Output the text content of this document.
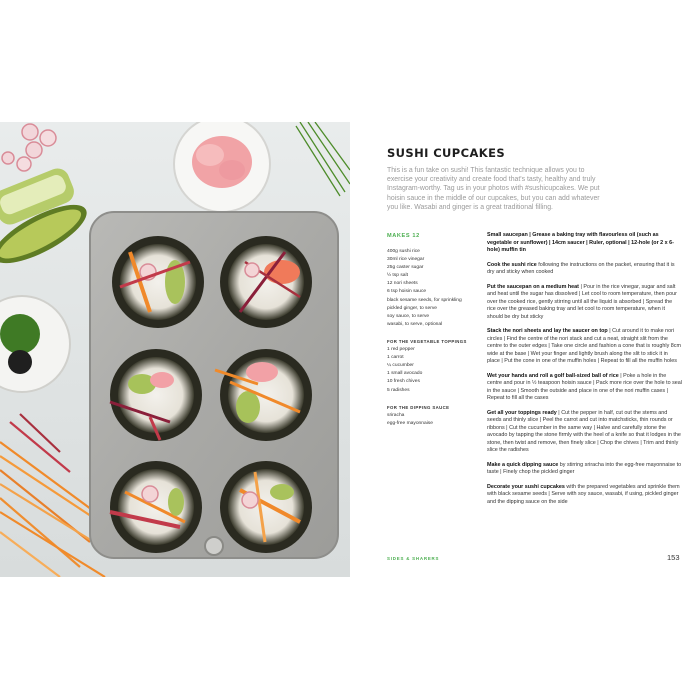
SUSHI CUPCAKES
This is a fun take on sushi! This fantastic technique allows you to exercise your creativity and create food that's tasty, healthy and truly Instagram-worthy. Tag us in your photos with #sushicupcakes. We put hoisin sauce in the middle of our cupcakes, but you can add whatever you like. Wasabi and ginger is a great traditional filling.
MAKES 12
400g sushi rice
30ml rice vinegar
25g caster sugar
½ tsp salt
12 nori sheets
6 tsp hoisin sauce
black sesame seeds, for sprinkling
pickled ginger, to serve
soy sauce, to serve
wasabi, to serve, optional
FOR THE VEGETABLE TOPPINGS
1 red pepper
1 carrot
¼ cucumber
1 small avocado
10 fresh chives
5 radishes
FOR THE DIPPING SAUCE
sriracha
egg-free mayonnaise

Small saucepan | Grease a baking tray with flavourless oil (such as vegetable or sunflower) | 14cm saucer | Ruler, optional | 12-hole (or 2 x 6-hole) muffin tin

Cook the sushi rice following the instructions on the packet, ensuring that it is dry and sticky when cooked

Put the saucepan on a medium heat | Pour in the rice vinegar, sugar and salt and heat until the sugar has dissolved | Let cool to room temperature, then pour over the cooked rice, gently stirring until all the liquid is absorbed | Spread the rice over the greased baking tray and let cool to room temperature, when it should be dry but sticky

Stack the nori sheets and lay the saucer on top | Cut around it to make nori circles | Find the centre of the nori stack and cut a neat, straight slit from the centre to the outer edges | Take one circle and fashion a cone that is roughly 8cm wide at the base | Wet your finger and lightly brush along the slit to stick it in place | Put the cone in one of the muffin holes | Repeat to fill all the muffin holes

Wet your hands and roll a golf ball-sized ball of rice | Poke a hole in the centre and pour in ½ teaspoon hoisin sauce | Pack more rice over the hole to seal in the sauce | Smooth the outside and place in one of the nori muffin cases | Repeat to fill all the cases

Get all your toppings ready | Cut the pepper in half, cut out the stems and seeds and thinly slice | Peel the carrot and cut into matchsticks, thin rounds or ribbons | Cut the cucumber in the same way | Halve and carefully stone the avocado by tapping the stone firmly with the heel of a knife so that it lodges in the stone, then twist and remove, then finely slice | Chop the chives | Trim and thinly slice the radishes

Make a quick dipping sauce by stirring sriracha into the egg-free mayonnaise to taste | Finely chop the pickled ginger

Decorate your sushi cupcakes with the prepared vegetables and sprinkle them with black sesame seeds | Serve with soy sauce, wasabi, if using, pickled ginger and the dipping sauce on the side

SIDES & SHARERS	153
